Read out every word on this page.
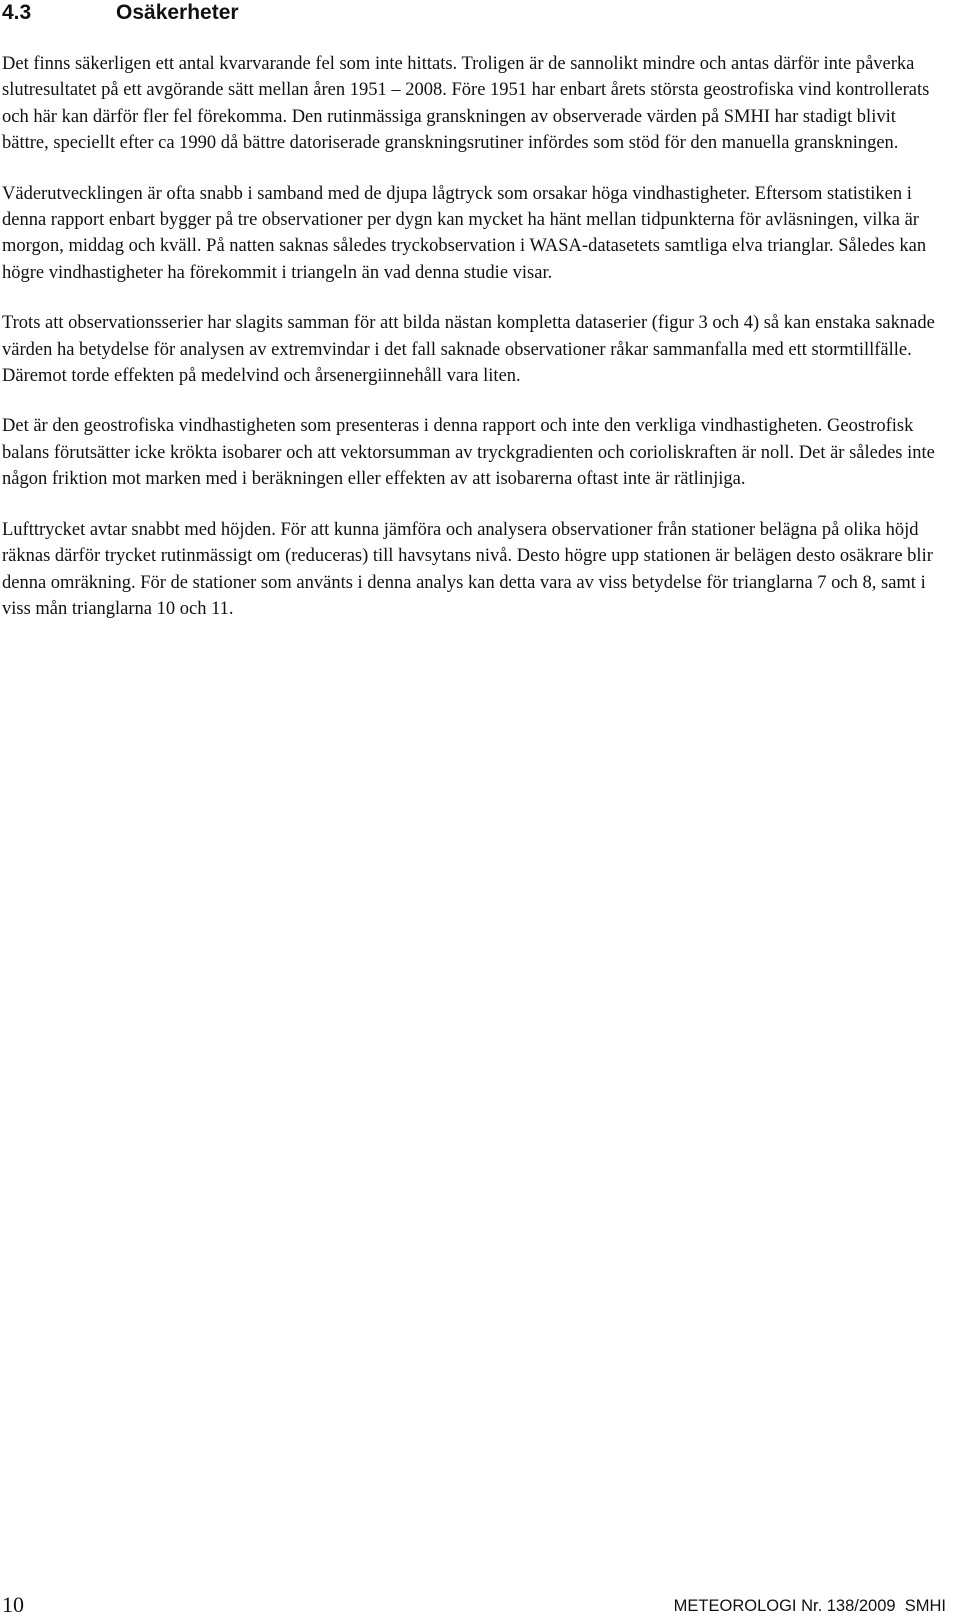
4.3	Osäkerheter

Det finns säkerligen ett antal kvarvarande fel som inte hittats. Troligen är de sannolikt mindre och antas därför inte påverka slutresultatet på ett avgörande sätt mellan åren 1951 – 2008. Före 1951 har enbart årets största geostrofiska vind kontrollerats och här kan därför fler fel förekomma. Den rutinmässiga granskningen av observerade värden på SMHI har stadigt blivit bättre, speciellt efter ca 1990 då bättre datoriserade granskningsrutiner infördes som stöd för den manuella granskningen.

Väderutvecklingen är ofta snabb i samband med de djupa lågtryck som orsakar höga vindhastigheter. Eftersom statistiken i denna rapport enbart bygger på tre observationer per dygn kan mycket ha hänt mellan tidpunkterna för avläsningen, vilka är morgon, middag och kväll. På natten saknas således tryckobservation i WASA-datasetets samtliga elva trianglar. Således kan högre vindhastigheter ha förekommit i triangeln än vad denna studie visar.

Trots att observationsserier har slagits samman för att bilda nästan kompletta dataserier (figur 3 och 4) så kan enstaka saknade värden ha betydelse för analysen av extremvindar i det fall saknade observationer råkar sammanfalla med ett stormtillfälle. Däremot torde effekten på medelvind och årsenergiinnehåll vara liten.

Det är den geostrofiska vindhastigheten som presenteras i denna rapport och inte den verkliga vindhastigheten. Geostrofisk balans förutsätter icke krökta isobarer och att vektorsumman av tryckgradienten och corioliskraften är noll. Det är således inte någon friktion mot marken med i beräkningen eller effekten av att isobarerna oftast inte är rätlinjiga.

Lufttrycket avtar snabbt med höjden. För att kunna jämföra och analysera observationer från stationer belägna på olika höjd räknas därför trycket rutinmässigt om (reduceras) till havsytans nivå. Desto högre upp stationen är belägen desto osäkrare blir denna omräkning. För de stationer som använts i denna analys kan detta vara av viss betydelse för trianglarna 7 och 8, samt i viss mån trianglarna 10 och 11.

10	METEOROLOGI Nr. 138/2009  SMHI
